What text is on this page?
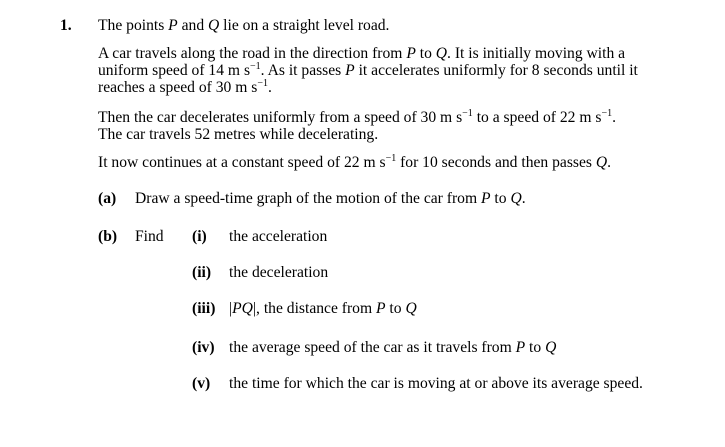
1. The points P and Q lie on a straight level road.
A car travels along the road in the direction from P to Q. It is initially moving with a
uniform speed of 14 m $s^{-1}$. As it passes P it accelerates uniformly for 8 seconds until it
reaches a speed of 30 m $s^{-1}$.
Then the car decelerates uniformly from a speed of 30 m $s^{-1}$ to a speed of 22 m $s^{-1}$.
The car travels 52 metres while decelerating.
It now continues at a constant speed of 22 m $s^{-1}$ for 10 seconds and then passes Q.
(a) Draw a speed-time graph of the motion of the car from P to Q.
(b) Find (i) the acceleration
(ii) the deceleration
(iii) |PQ|, the distance from P to Q
(iv) the average speed of the car as it travels from P to Q
(v) the time for which the car is moving at or above its average speed.
